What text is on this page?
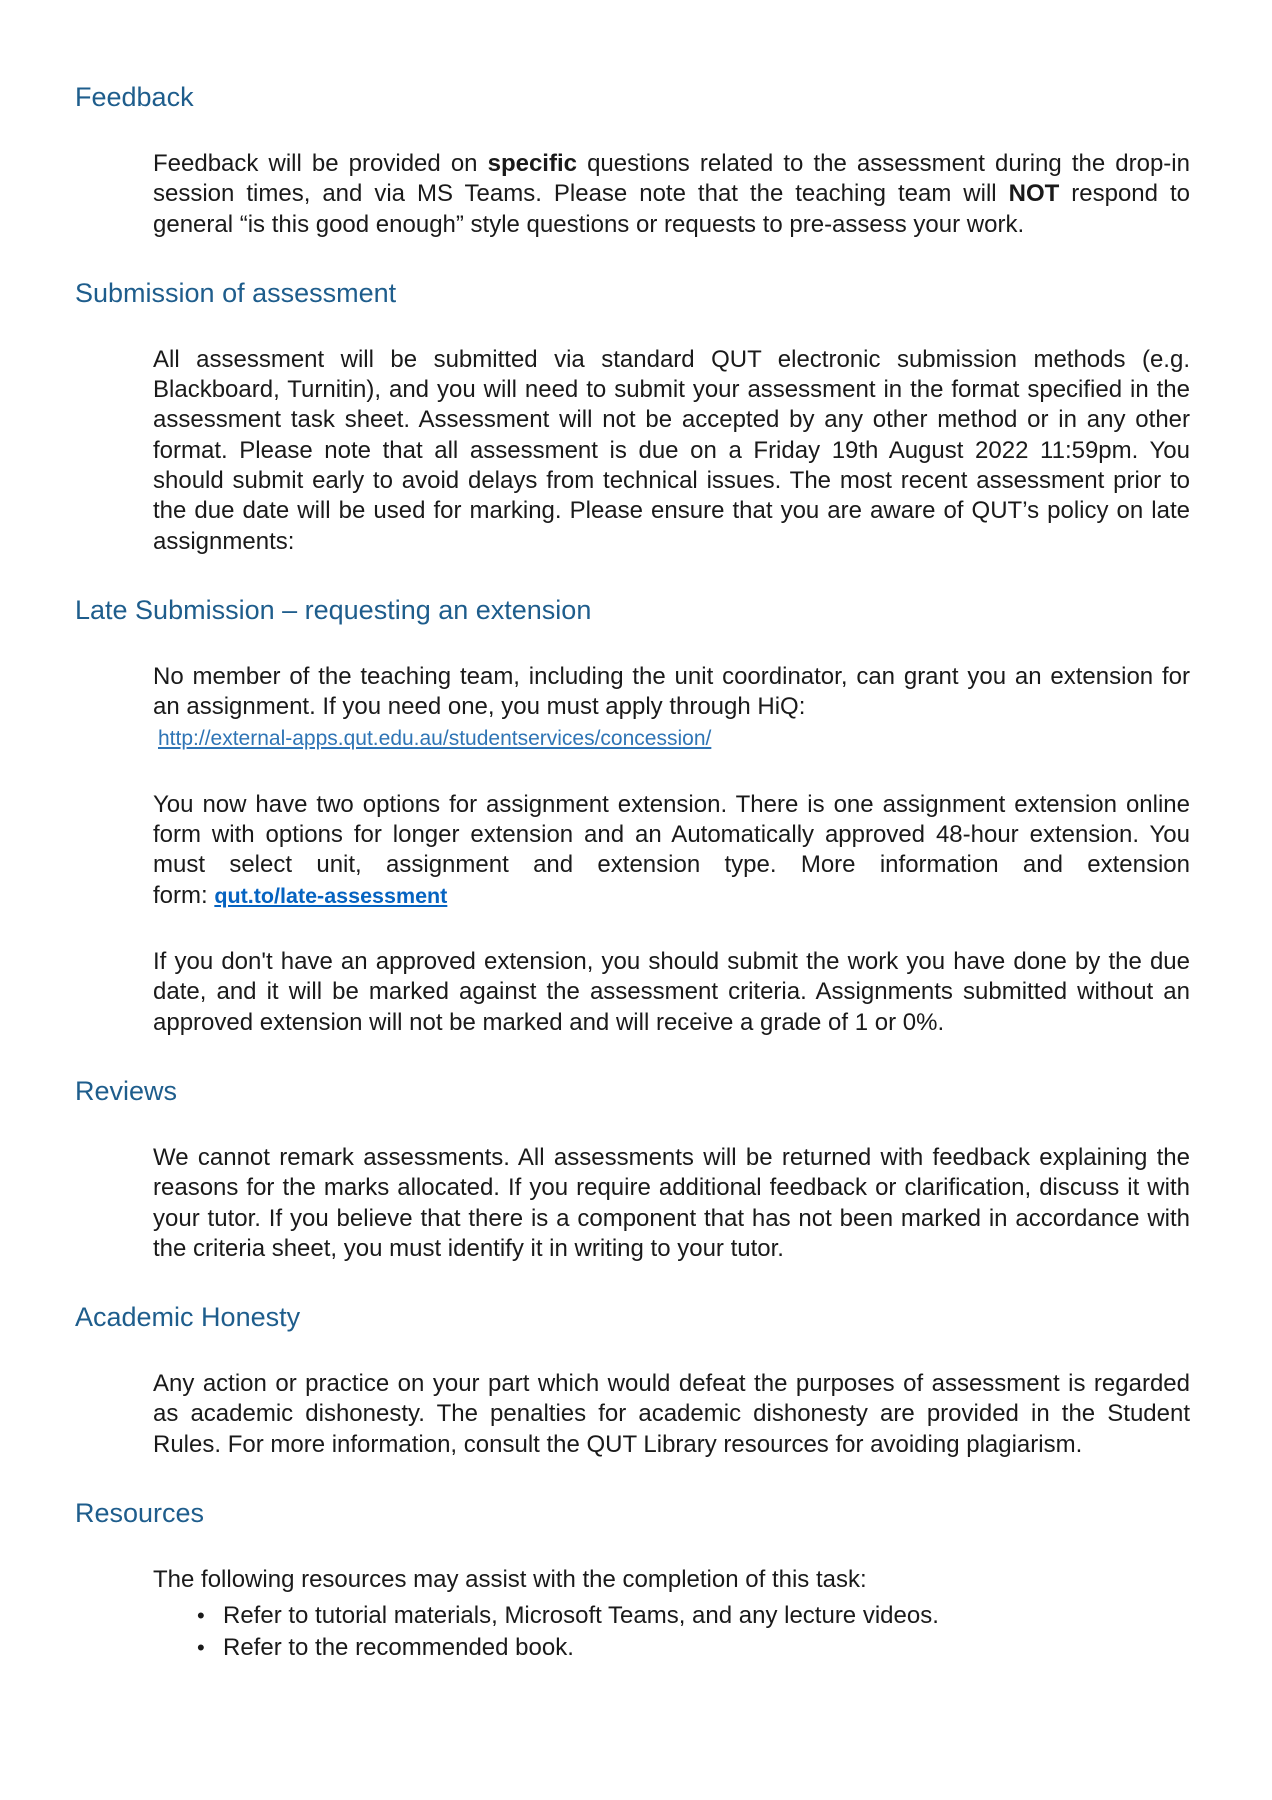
Feedback
Feedback will be provided on specific questions related to the assessment during the drop-in
session times, and via MS Teams. Please note that the teaching team will NOT respond to
general “is this good enough” style questions or requests to pre-assess your work.
Submission of assessment
All assessment will be submitted via standard QUT electronic submission methods (e.g.
Blackboard, Turnitin), and you will need to submit your assessment in the format specified in the
assessment task sheet. Assessment will not be accepted by any other method or in any other
format. Please note that all assessment is due on a Friday 19th August 2022 11:59pm. You
should submit early to avoid delays from technical issues. The most recent assessment prior to
the due date will be used for marking. Please ensure that you are aware of QUT’s policy on late
assignments:
Late Submission – requesting an extension
No member of the teaching team, including the unit coordinator, can grant you an extension for
an assignment. If you need one, you must apply through HiQ:
http://external-apps.qut.edu.au/studentservices/concession/
You now have two options for assignment extension. There is one assignment extension online
form with options for longer extension and an Automatically approved 48-hour extension. You
must select unit, assignment and extension type. More information and extension
form: qut.to/late-assessment
If you don't have an approved extension, you should submit the work you have done by the due
date, and it will be marked against the assessment criteria. Assignments submitted without an
approved extension will not be marked and will receive a grade of 1 or 0%.
Reviews
We cannot remark assessments. All assessments will be returned with feedback explaining the
reasons for the marks allocated. If you require additional feedback or clarification, discuss it with
your tutor. If you believe that there is a component that has not been marked in accordance with
the criteria sheet, you must identify it in writing to your tutor.
Academic Honesty
Any action or practice on your part which would defeat the purposes of assessment is regarded
as academic dishonesty. The penalties for academic dishonesty are provided in the Student
Rules. For more information, consult the QUT Library resources for avoiding plagiarism.
Resources
The following resources may assist with the completion of this task:
• Refer to tutorial materials, Microsoft Teams, and any lecture videos.
• Refer to the recommended book.
